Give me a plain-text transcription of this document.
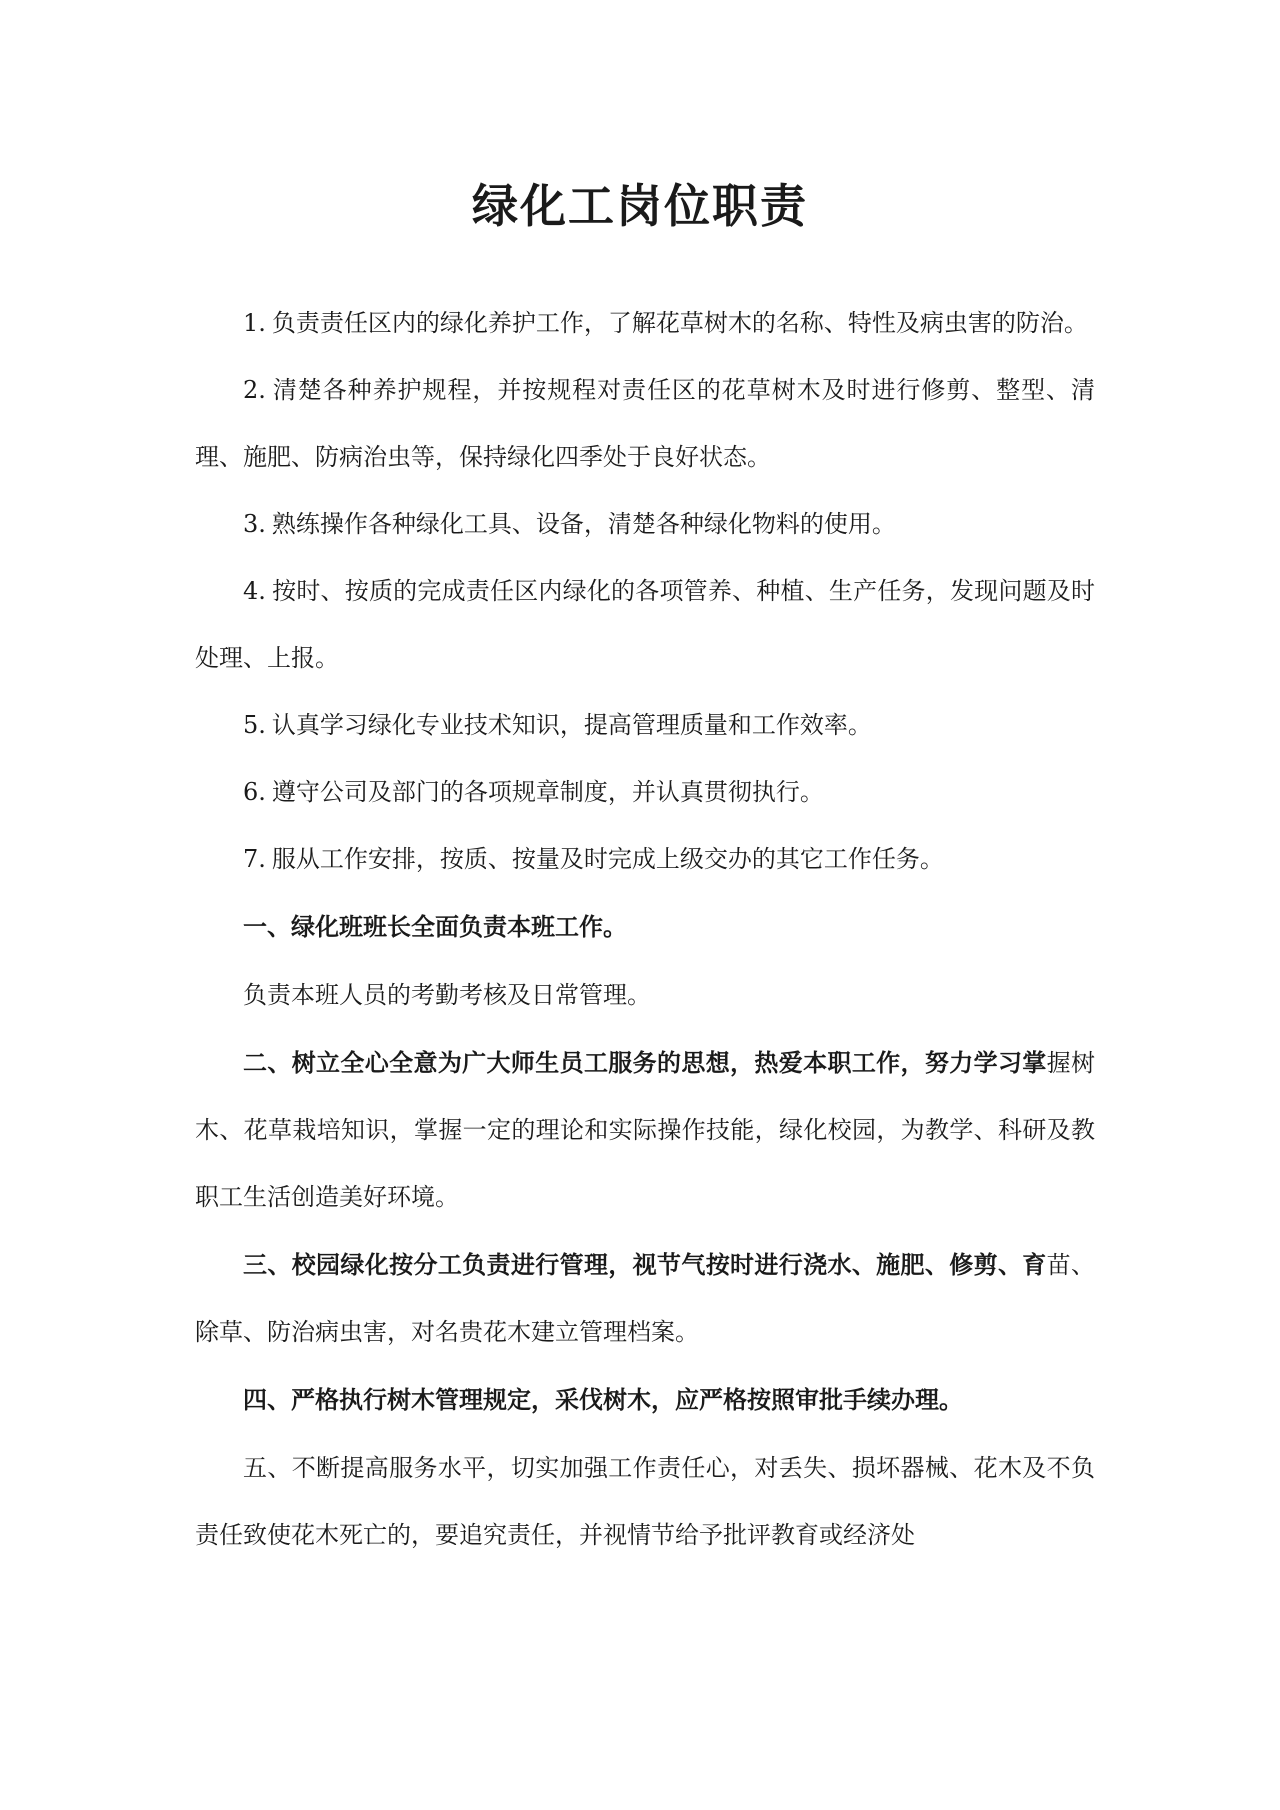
绿化工岗位职责

1. 负责责任区内的绿化养护工作，了解花草树木的名称、特性及病虫害的防治。

2. 清楚各种养护规程，并按规程对责任区的花草树木及时进行修剪、整型、清理、施肥、防病治虫等，保持绿化四季处于良好状态。

3. 熟练操作各种绿化工具、设备，清楚各种绿化物料的使用。

4. 按时、按质的完成责任区内绿化的各项管养、种植、生产任务，发现问题及时处理、上报。

5. 认真学习绿化专业技术知识，提高管理质量和工作效率。

6. 遵守公司及部门的各项规章制度，并认真贯彻执行。

7. 服从工作安排，按质、按量及时完成上级交办的其它工作任务。

一、绿化班班长全面负责本班工作。

负责本班人员的考勤考核及日常管理。

二、树立全心全意为广大师生员工服务的思想，热爱本职工作，努力学习掌握树木、花草栽培知识，掌握一定的理论和实际操作技能，绿化校园，为教学、科研及教职工生活创造美好环境。

三、校园绿化按分工负责进行管理，视节气按时进行浇水、施肥、修剪、育苗、除草、防治病虫害，对名贵花木建立管理档案。

四、严格执行树木管理规定，采伐树木，应严格按照审批手续办理。

五、不断提高服务水平，切实加强工作责任心，对丢失、损坏器械、花木及不负责任致使花木死亡的，要追究责任，并视情节给予批评教育或经济处
